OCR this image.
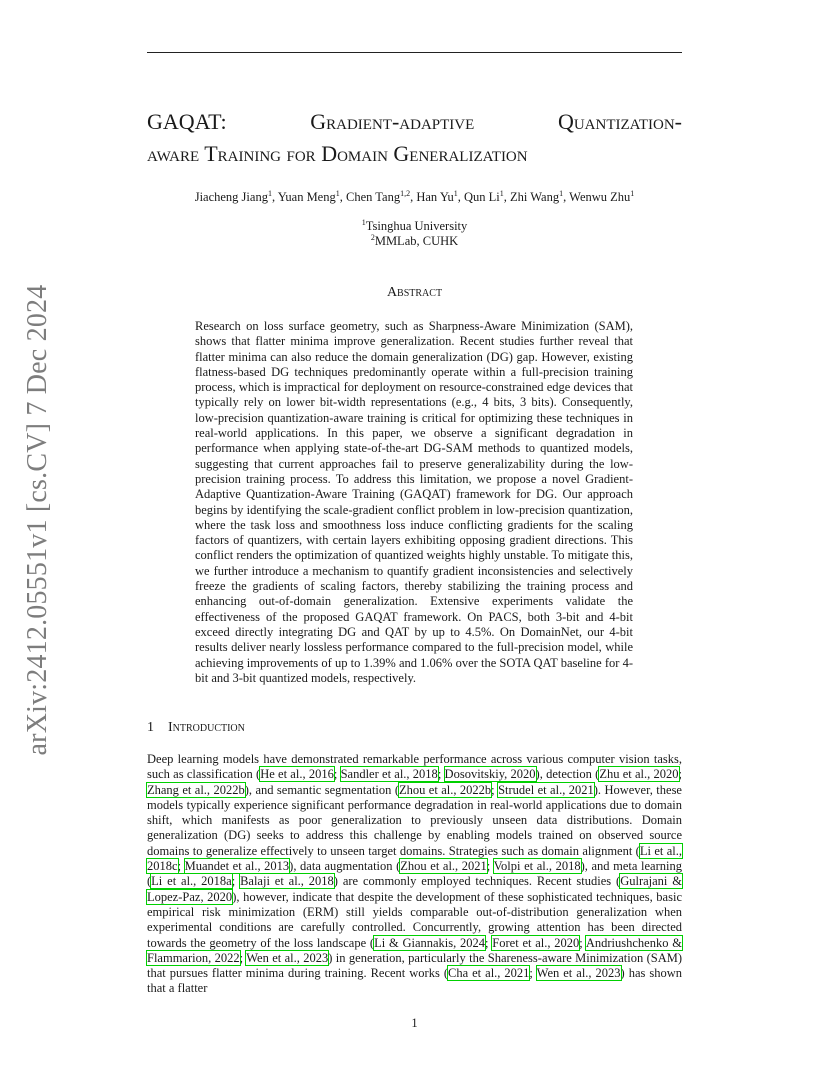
arXiv:2412.05551v1 [cs.CV] 7 Dec 2024
GAQAT:	Gradient-adaptive	Quantization-
aware Training for Domain Generalization
Jiacheng Jiang$^1$, Yuan Meng$^1$, Chen Tang$^{1,2}$, Han Yu$^1$, Qun Li$^1$, Zhi Wang$^1$, Wenwu Zhu$^1$
$^1$Tsinghua University
$^2$MMLab, CUHK
Abstract

Research on loss surface geometry, such as Sharpness-Aware Minimization (SAM), shows that flatter minima improve generalization. Recent studies further reveal that flatter minima can also reduce the domain generalization (DG) gap. However, existing flatness-based DG techniques predominantly operate within a full-precision training process, which is impractical for deployment on resource-constrained edge devices that typically rely on lower bit-width representations (e.g., 4 bits, 3 bits). Consequently, low-precision quantization-aware training is critical for optimizing these techniques in real-world applications. In this paper, we observe a significant degradation in performance when applying state-of-the-art DG-SAM methods to quantized models, suggesting that current approaches fail to preserve generalizability during the low-precision training process. To address this limitation, we propose a novel Gradient-Adaptive Quantization-Aware Training (GAQAT) framework for DG. Our approach begins by identifying the scale-gradient conflict problem in low-precision quantization, where the task loss and smoothness loss induce conflicting gradients for the scaling factors of quantizers, with certain layers exhibiting opposing gradient directions. This conflict renders the optimization of quantized weights highly unstable. To mitigate this, we further introduce a mechanism to quantify gradient inconsistencies and selectively freeze the gradients of scaling factors, thereby stabilizing the training process and enhancing out-of-domain generalization. Extensive experiments validate the effectiveness of the proposed GAQAT framework. On PACS, both 3-bit and 4-bit exceed directly integrating DG and QAT by up to 4.5%. On DomainNet, our 4-bit results deliver nearly lossless performance compared to the full-precision model, while achieving improvements of up to 1.39% and 1.06% over the SOTA QAT baseline for 4-bit and 3-bit quantized models, respectively.

1 Introduction

Deep learning models have demonstrated remarkable performance across various computer vision tasks, such as classification (He et al., 2016; Sandler et al., 2018; Dosovitskiy, 2020), detection (Zhu et al., 2020; Zhang et al., 2022b), and semantic segmentation (Zhou et al., 2022b; Strudel et al., 2021). However, these models typically experience significant performance degradation in real-world applications due to domain shift, which manifests as poor generalization to previously unseen data distributions. Domain generalization (DG) seeks to address this challenge by enabling models trained on observed source domains to generalize effectively to unseen target domains. Strategies such as domain alignment (Li et al., 2018c; Muandet et al., 2013), data augmentation (Zhou et al., 2021; Volpi et al., 2018), and meta learning (Li et al., 2018a; Balaji et al., 2018) are commonly employed techniques. Recent studies (Gulrajani & Lopez-Paz, 2020), however, indicate that despite the development of these sophisticated techniques, basic empirical risk minimization (ERM) still yields comparable out-of-distribution generalization when experimental conditions are carefully controlled. Concurrently, growing attention has been directed towards the geometry of the loss landscape (Li & Giannakis, 2024; Foret et al., 2020; Andriushchenko & Flammarion, 2022; Wen et al., 2023) in generation, particularly the Shareness-aware Minimization (SAM) that pursues flatter minima during training. Recent works (Cha et al., 2021; Wen et al., 2023) has shown that a flatter

1
